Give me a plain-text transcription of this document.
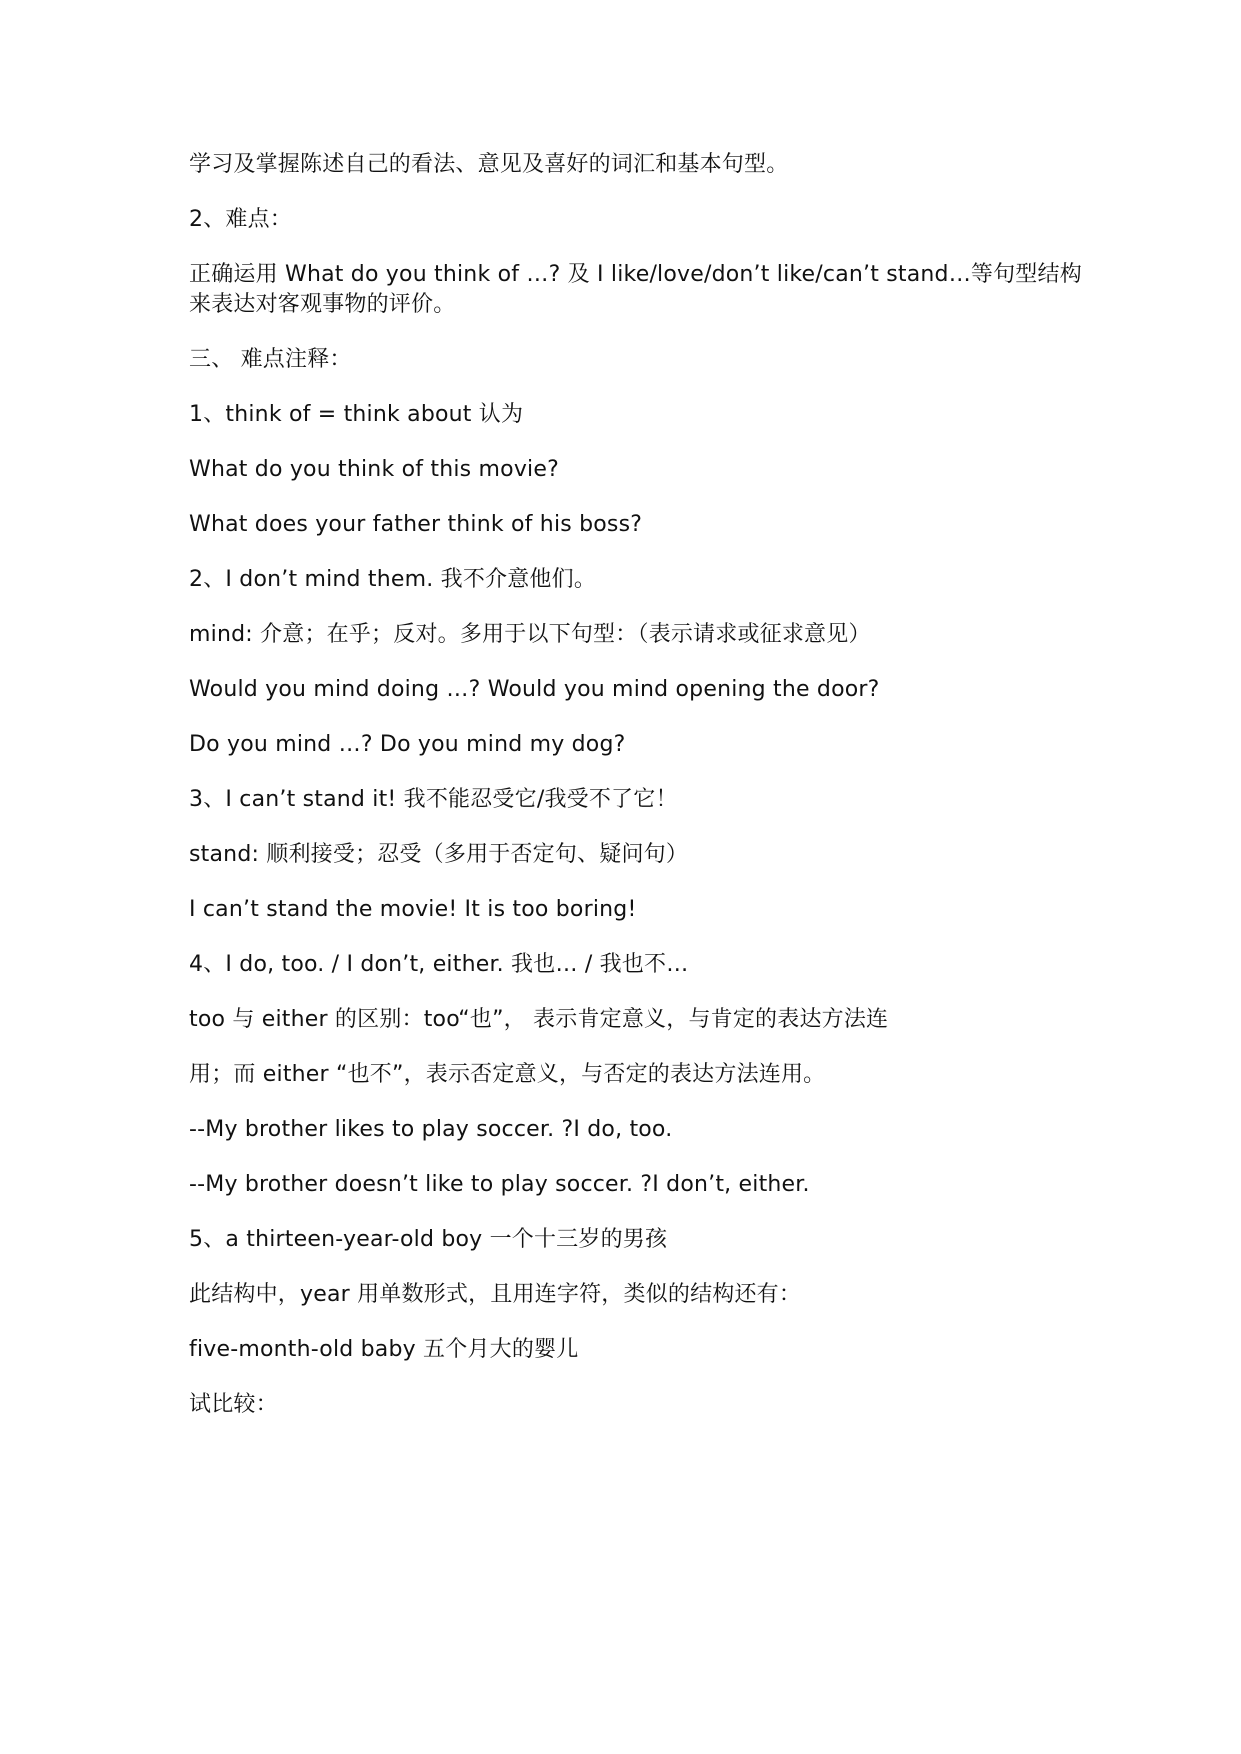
学习及掌握陈述自己的看法、意见及喜好的词汇和基本句型。
2、难点：
正确运用 What do you think of …? 及 I like/love/don’t like/can’t stand…等句型结构
来表达对客观事物的评价。
三、 难点注释：
1、think of = think about 认为
What do you think of this movie?
What does your father think of his boss?
2、I don’t mind them. 我不介意他们。
mind: 介意；在乎；反对。多用于以下句型：（表示请求或征求意见）
Would you mind doing …? Would you mind opening the door?
Do you mind …? Do you mind my dog?
3、I can’t stand it! 我不能忍受它/我受不了它！
stand: 顺利接受；忍受（多用于否定句、疑问句）
I can’t stand the movie! It is too boring!
4、I do, too. / I don’t, either. 我也… / 我也不…
too 与 either 的区别：too“也”， 表示肯定意义，与肯定的表达方法连
用；而 either “也不”，表示否定意义，与否定的表达方法连用。
--My brother likes to play soccer. ?I do, too.
--My brother doesn’t like to play soccer. ?I don’t, either.
5、a thirteen-year-old boy 一个十三岁的男孩
此结构中，year 用单数形式，且用连字符，类似的结构还有：
five-month-old baby 五个月大的婴儿
试比较：
